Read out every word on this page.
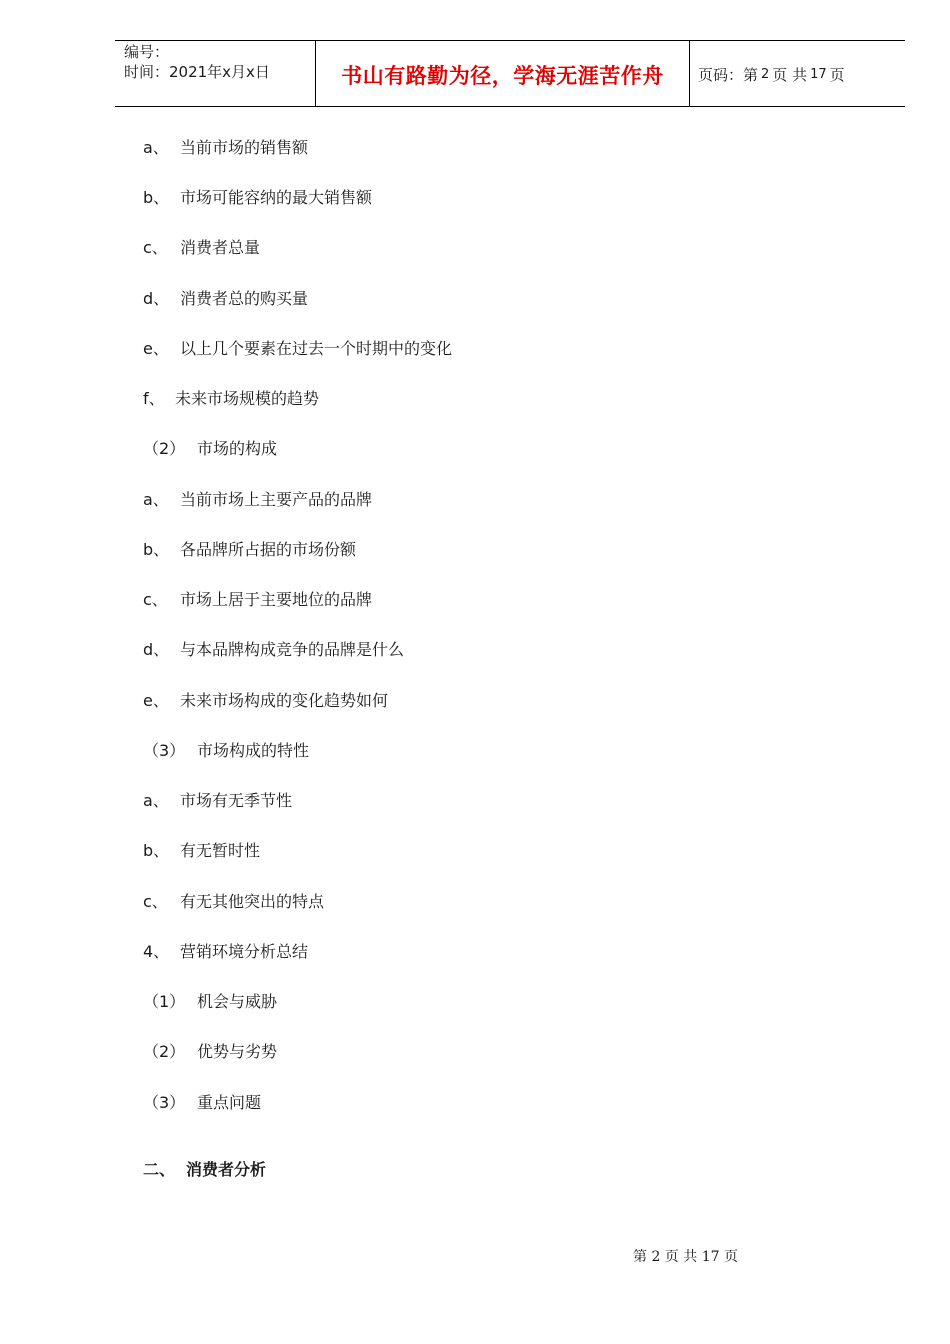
编号：
时间：2021年x月x日	书山有路勤为径，学海无涯苦作舟	页码：第 2 页 共 17 页
a、 当前市场的销售额
b、 市场可能容纳的最大销售额
c、 消费者总量
d、 消费者总的购买量
e、 以上几个要素在过去一个时期中的变化
f、 未来市场规模的趋势
（2） 市场的构成
a、 当前市场上主要产品的品牌
b、 各品牌所占据的市场份额
c、 市场上居于主要地位的品牌
d、 与本品牌构成竞争的品牌是什么
e、 未来市场构成的变化趋势如何
（3） 市场构成的特性
a、 市场有无季节性
b、 有无暂时性
c、 有无其他突出的特点
4、 营销环境分析总结
（1） 机会与威胁
（2） 优势与劣势
（3） 重点问题
二、 消费者分析
第 2 页 共 17 页
